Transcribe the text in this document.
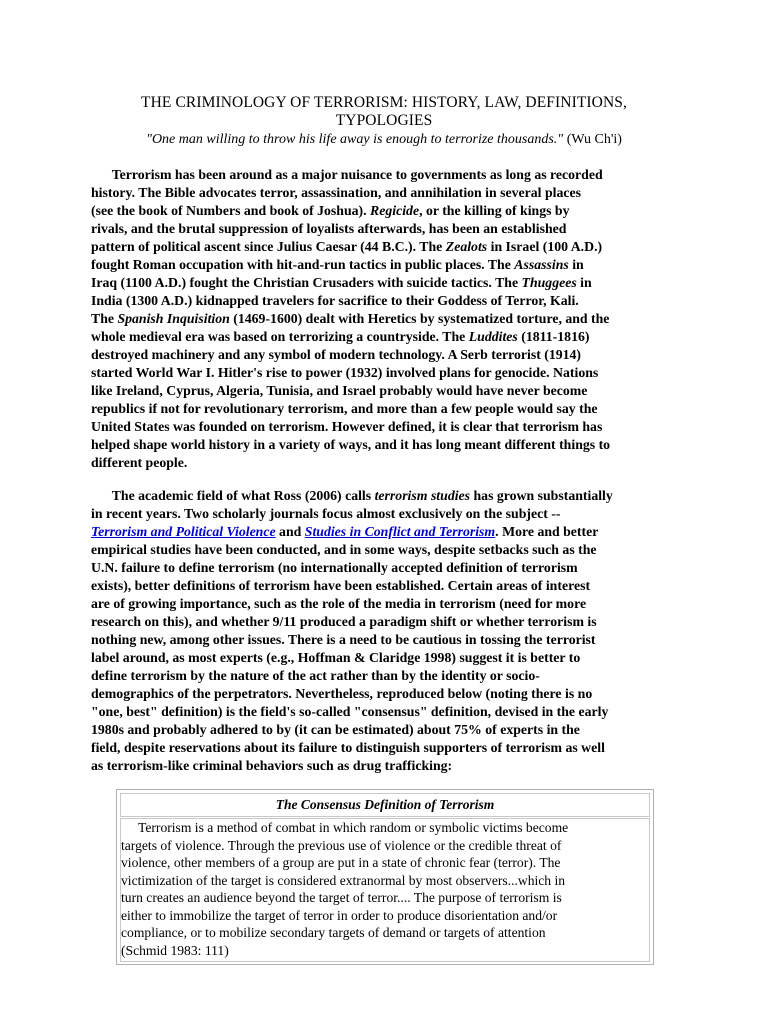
THE CRIMINOLOGY OF TERRORISM: HISTORY, LAW, DEFINITIONS,
TYPOLOGIES
"One man willing to throw his life away is enough to terrorize thousands." (Wu Ch'i)
Terrorism has been around as a major nuisance to governments as long as recorded
history. The Bible advocates terror, assassination, and annihilation in several places
(see the book of Numbers and book of Joshua). Regicide, or the killing of kings by
rivals, and the brutal suppression of loyalists afterwards, has been an established
pattern of political ascent since Julius Caesar (44 B.C.). The Zealots in Israel (100 A.D.)
fought Roman occupation with hit-and-run tactics in public places. The Assassins in
Iraq (1100 A.D.) fought the Christian Crusaders with suicide tactics. The Thuggees in
India (1300 A.D.) kidnapped travelers for sacrifice to their Goddess of Terror, Kali.
The Spanish Inquisition (1469-1600) dealt with Heretics by systematized torture, and the
whole medieval era was based on terrorizing a countryside. The Luddites (1811-1816)
destroyed machinery and any symbol of modern technology. A Serb terrorist (1914)
started World War I. Hitler's rise to power (1932) involved plans for genocide. Nations
like Ireland, Cyprus, Algeria, Tunisia, and Israel probably would have never become
republics if not for revolutionary terrorism, and more than a few people would say the
United States was founded on terrorism. However defined, it is clear that terrorism has
helped shape world history in a variety of ways, and it has long meant different things to
different people.
The academic field of what Ross (2006) calls terrorism studies has grown substantially
in recent years. Two scholarly journals focus almost exclusively on the subject --
Terrorism and Political Violence and Studies in Conflict and Terrorism. More and better
empirical studies have been conducted, and in some ways, despite setbacks such as the
U.N. failure to define terrorism (no internationally accepted definition of terrorism
exists), better definitions of terrorism have been established. Certain areas of interest
are of growing importance, such as the role of the media in terrorism (need for more
research on this), and whether 9/11 produced a paradigm shift or whether terrorism is
nothing new, among other issues. There is a need to be cautious in tossing the terrorist
label around, as most experts (e.g., Hoffman & Claridge 1998) suggest it is better to
define terrorism by the nature of the act rather than by the identity or socio-
demographics of the perpetrators. Nevertheless, reproduced below (noting there is no
"one, best" definition) is the field's so-called "consensus" definition, devised in the early
1980s and probably adhered to by (it can be estimated) about 75% of experts in the
field, despite reservations about its failure to distinguish supporters of terrorism as well
as terrorism-like criminal behaviors such as drug trafficking:
The Consensus Definition of Terrorism
Terrorism is a method of combat in which random or symbolic victims become
targets of violence. Through the previous use of violence or the credible threat of
violence, other members of a group are put in a state of chronic fear (terror). The
victimization of the target is considered extranormal by most observers...which in
turn creates an audience beyond the target of terror.... The purpose of terrorism is
either to immobilize the target of terror in order to produce disorientation and/or
compliance, or to mobilize secondary targets of demand or targets of attention
(Schmid 1983: 111)
